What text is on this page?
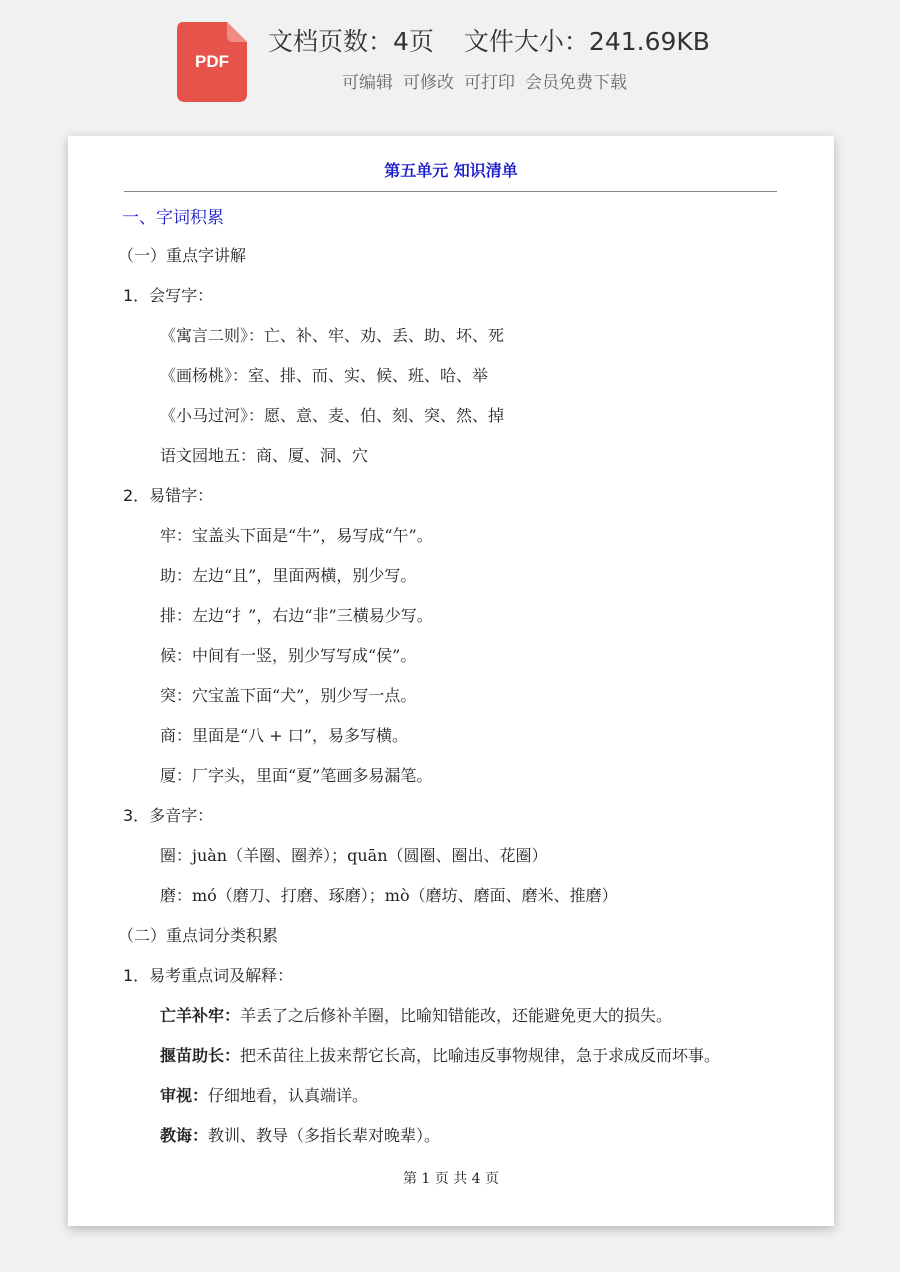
PDF
文档页数：4页 文件大小：241.69KB
可编辑 可修改 可打印 会员免费下载
第五单元 知识清单
一、字词积累
（一）重点字讲解
1．会写字：
《寓言二则》：亡、补、牢、劝、丢、助、坏、死
《画杨桃》：室、排、而、实、候、班、哈、举
《小马过河》：愿、意、麦、伯、刻、突、然、掉
语文园地五：商、厦、洞、穴
2．易错字：
牢：宝盖头下面是“牛”，易写成“午”。
助：左边“且”，里面两横，别少写。
排：左边“扌”，右边“非”三横易少写。
候：中间有一竖，别少写写成“侯”。
突：穴宝盖下面“犬”，别少写一点。
商：里面是“八 + 口”，易多写横。
厦：厂字头，里面“夏”笔画多易漏笔。
3．多音字：
圈：juàn（羊圈、圈养）；quān（圆圈、圈出、花圈）
磨：mó（磨刀、打磨、琢磨）；mò（磨坊、磨面、磨米、推磨）
（二）重点词分类积累
1．易考重点词及解释：
亡羊补牢：羊丢了之后修补羊圈，比喻知错能改，还能避免更大的损失。
揠苗助长：把禾苗往上拔来帮它长高，比喻违反事物规律，急于求成反而坏事。
审视：仔细地看，认真端详。
教诲：教训、教导（多指长辈对晚辈）。
第 1 页 共 4 页
